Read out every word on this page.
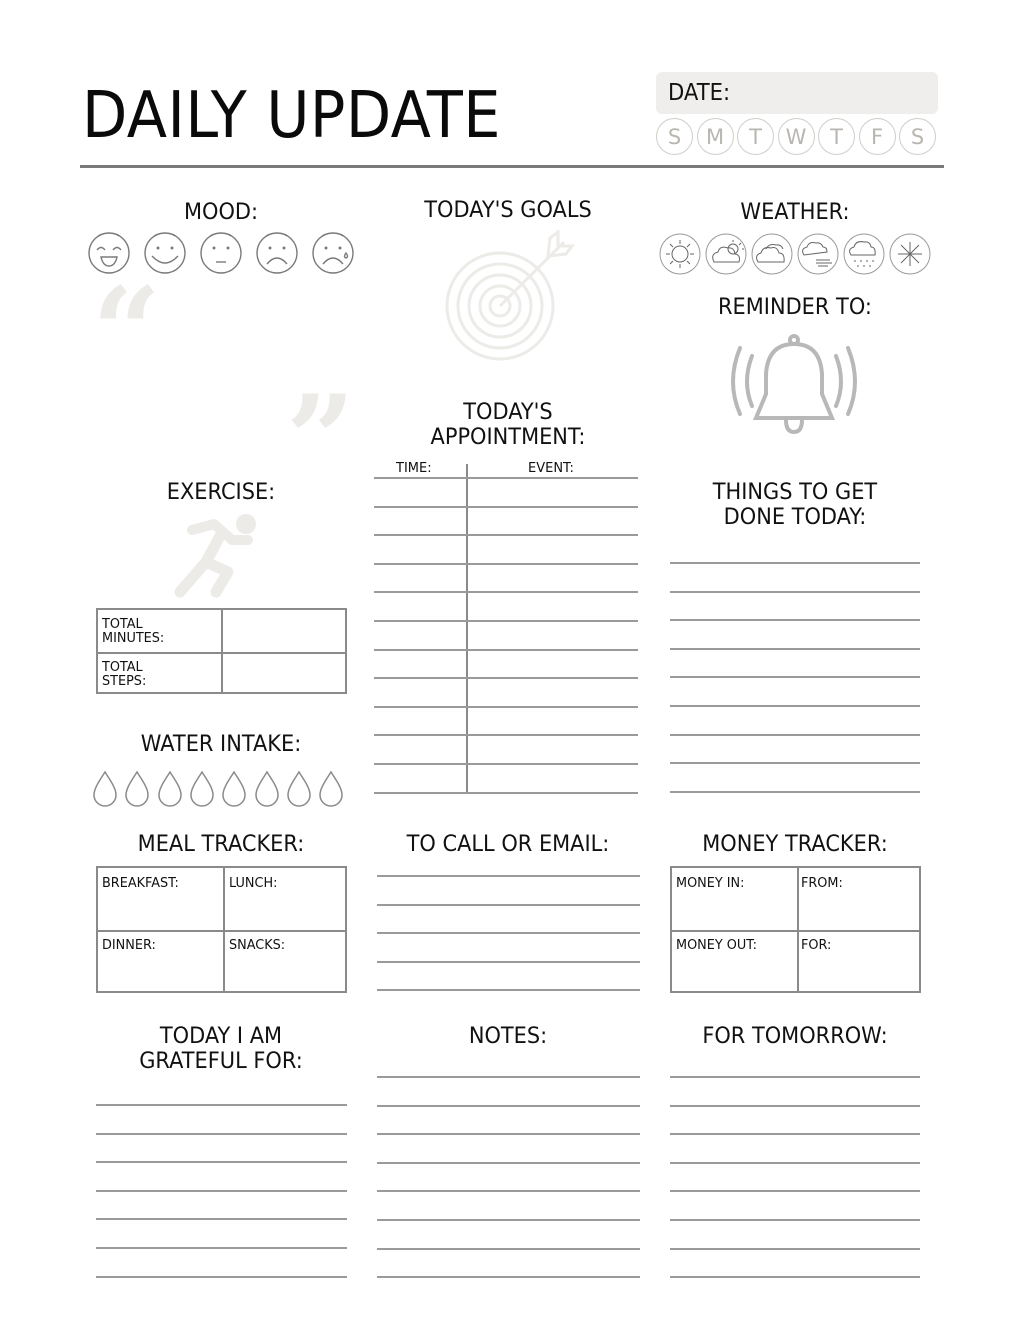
DAILY UPDATE	DATE:
S	M	T	W	T	F	S
MOOD:
“
”
TODAY'S GOALS	WEATHER:
REMINDER TO:
TODAY'S
APPOINTMENT:
TIME:	EVENT:
EXERCISE:
TOTAL
MINUTES:
TOTAL
STEPS:
WATER INTAKE:
THINGS TO GET
DONE TODAY:
MEAL TRACKER:
BREAKFAST:	LUNCH:
DINNER:	SNACKS:
TO CALL OR EMAIL:	MONEY TRACKER:
MONEY IN:	FROM:
MONEY OUT:	FOR:
TODAY I AM
GRATEFUL FOR:
NOTES:	FOR TOMORROW:
